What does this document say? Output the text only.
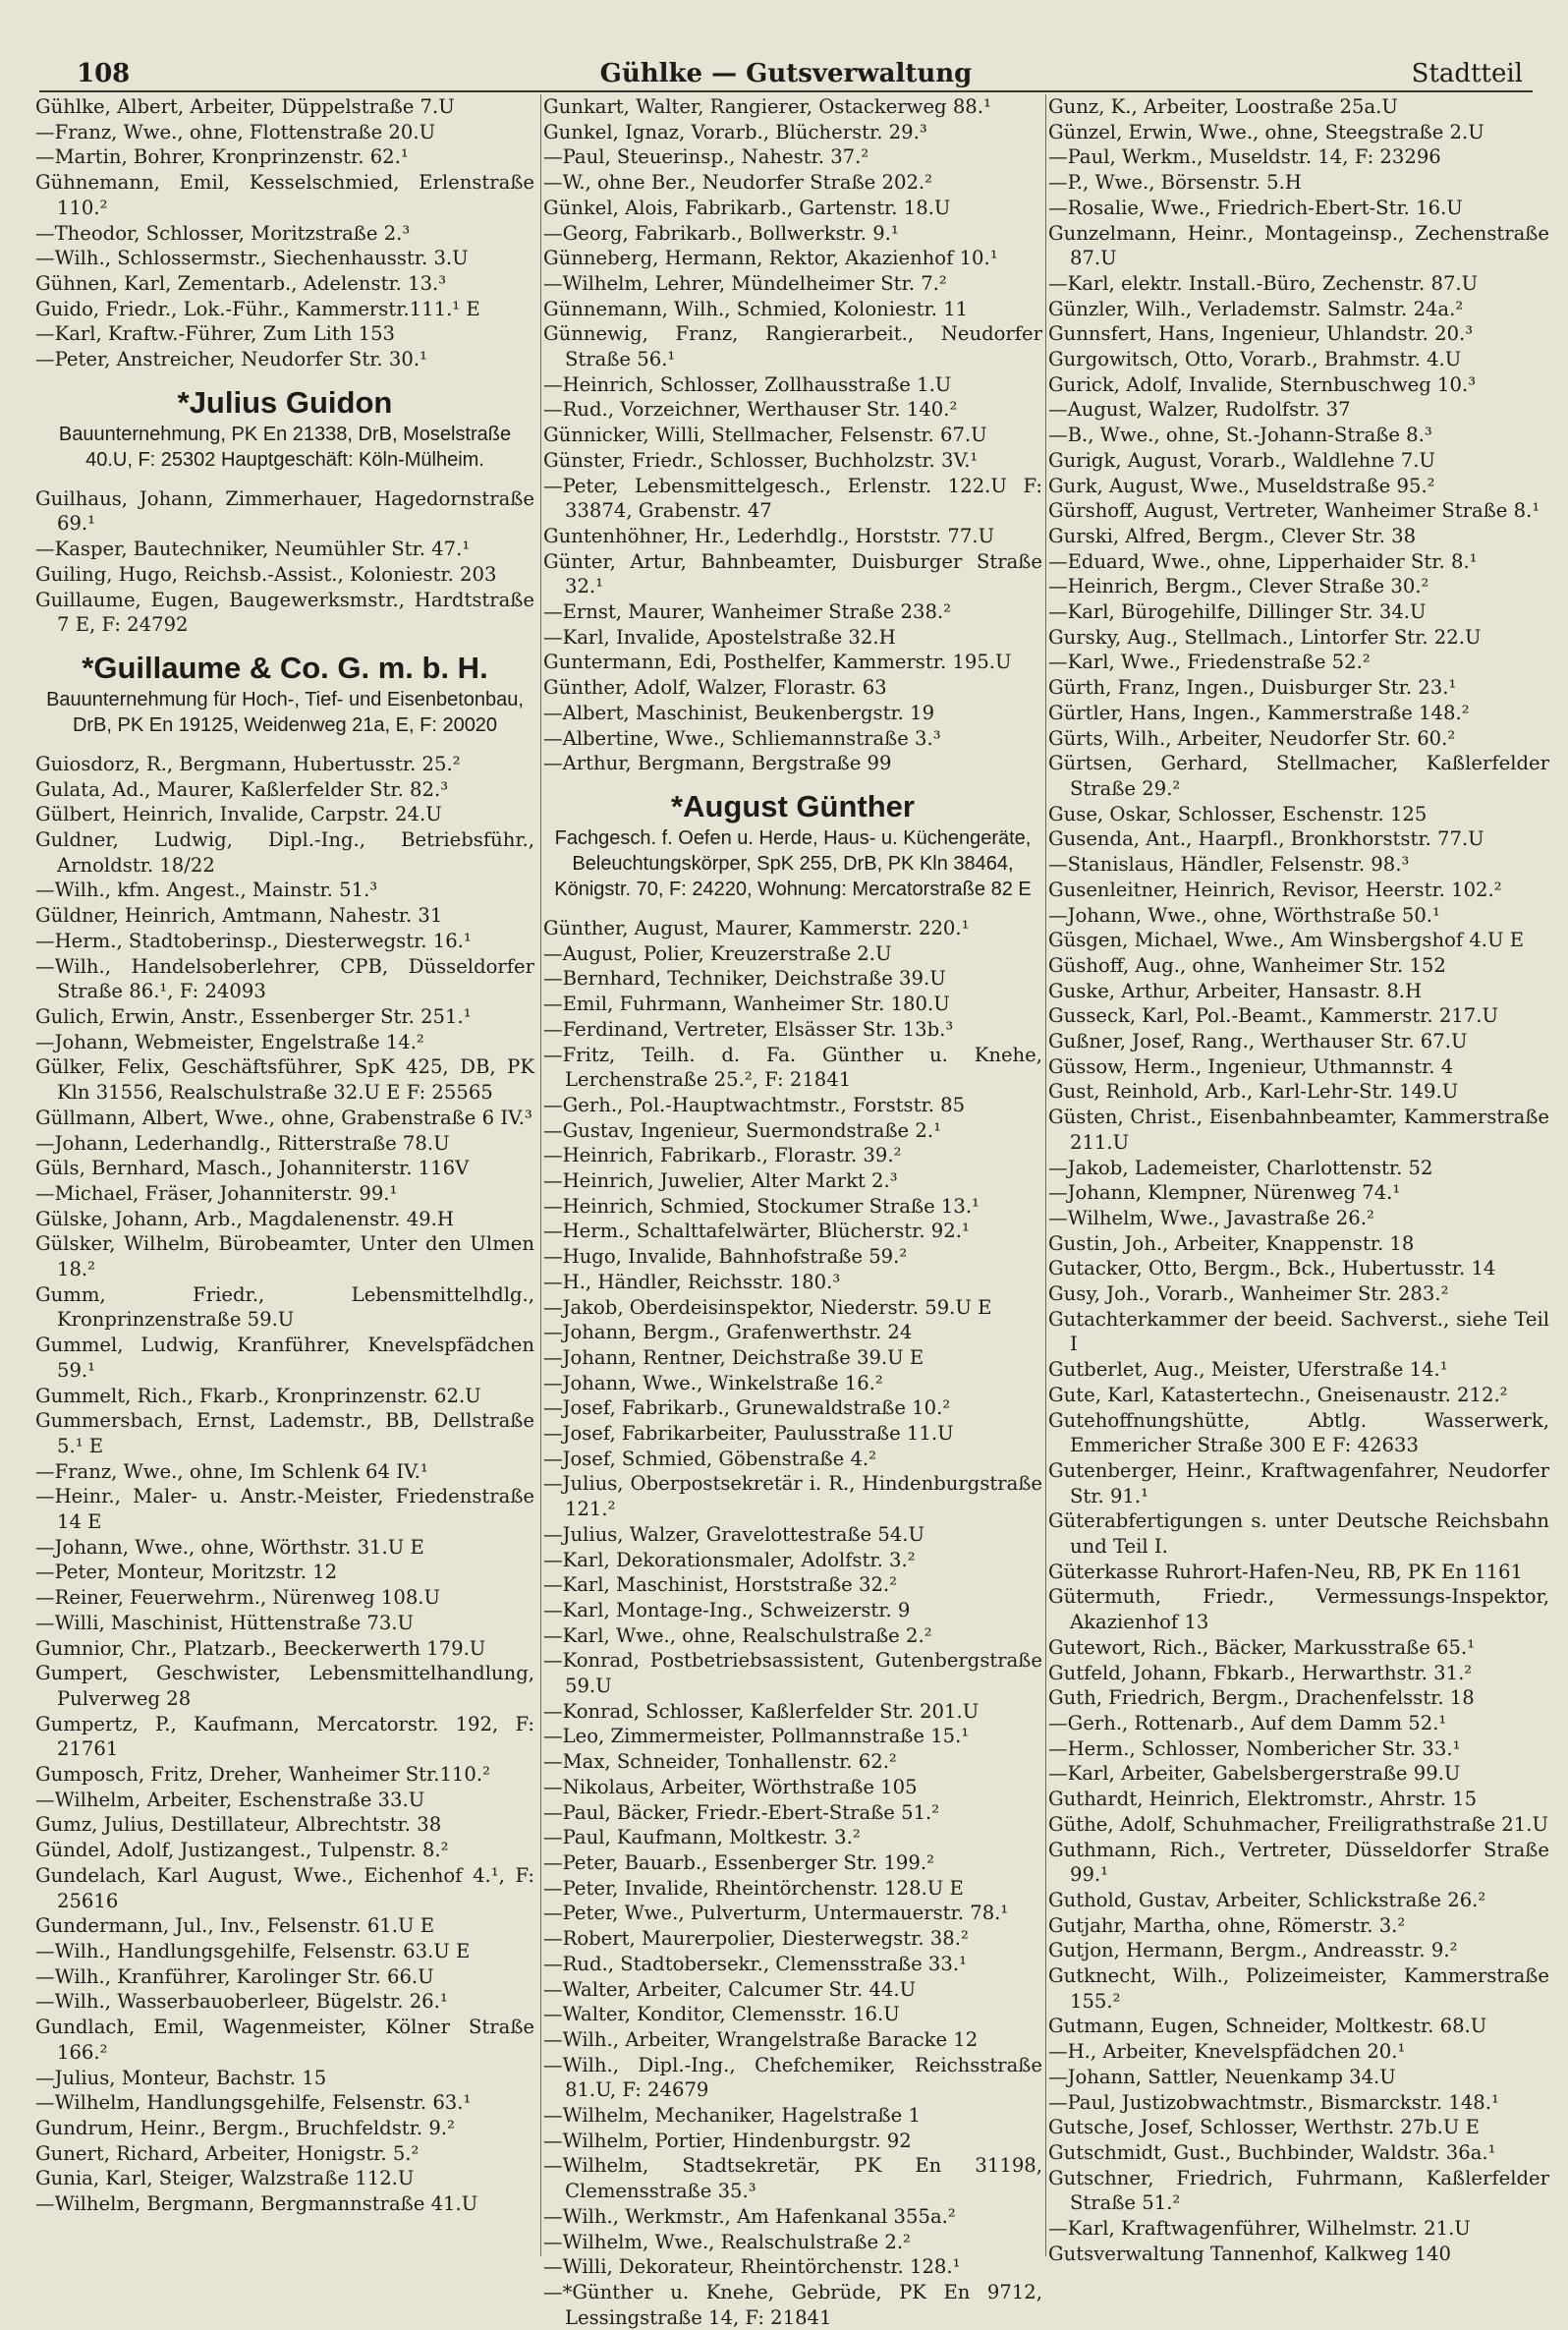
108	Gühlke — Gutsverwaltung	Stadtteil
Gühlke, Albert, Arbeiter, Düppelstraße 7.U
—Franz, Wwe., ohne, Flottenstraße 20.U
—Martin, Bohrer, Kronprinzenstr. 62.¹
Gühnemann, Emil, Kesselschmied, Erlenstraße 110.²
—Theodor, Schlosser, Moritzstraße 2.³
—Wilh., Schlossermstr., Siechenhausstr. 3.U
Gühnen, Karl, Zementarb., Adelenstr. 13.³
Guido, Friedr., Lok.-Führ., Kammerstr.111.¹ E
—Karl, Kraftw.-Führer, Zum Lith 153
—Peter, Anstreicher, Neudorfer Str. 30.¹
*Julius Guidon
Bauunternehmung, PK En 21338, DrB, Moselstraße 40.U, F: 25302 Hauptgeschäft: Köln-Mülheim.
Guilhaus, Johann, Zimmerhauer, Hagedornstraße 69.¹
—Kasper, Bautechniker, Neumühler Str. 47.¹
Guiling, Hugo, Reichsb.-Assist., Koloniestr. 203
Guillaume, Eugen, Baugewerksmstr., Hardtstraße 7 E, F: 24792
*Guillaume & Co. G. m. b. H.
Bauunternehmung für Hoch-, Tief- und Eisenbetonbau, DrB, PK En 19125, Weidenweg 21a, E, F: 20020
Guiosdorz, R., Bergmann, Hubertusstr. 25.²
Gulata, Ad., Maurer, Kaßlerfelder Str. 82.³
Gülbert, Heinrich, Invalide, Carpstr. 24.U
Guldner, Ludwig, Dipl.-Ing., Betriebsführ., Arnoldstr. 18/22
—Wilh., kfm. Angest., Mainstr. 51.³
Güldner, Heinrich, Amtmann, Nahestr. 31
—Herm., Stadtoberinsp., Diesterwegstr. 16.¹
—Wilh., Handelsoberlehrer, CPB, Düsseldorfer Straße 86.¹, F: 24093
Gulich, Erwin, Anstr., Essenberger Str. 251.¹
—Johann, Webmeister, Engelstraße 14.²
Gülker, Felix, Geschäftsführer, SpK 425, DB, PK Kln 31556, Realschulstraße 32.U E F: 25565
Güllmann, Albert, Wwe., ohne, Grabenstraße 6 IV.³
—Johann, Lederhandlg., Ritterstraße 78.U
Güls, Bernhard, Masch., Johanniterstr. 116V
—Michael, Fräser, Johanniterstr. 99.¹
Gülske, Johann, Arb., Magdalenenstr. 49.H
Gülsker, Wilhelm, Bürobeamter, Unter den Ulmen 18.²
Gumm, Friedr., Lebensmittelhdlg., Kronprinzenstraße 59.U
Gummel, Ludwig, Kranführer, Knevelspfädchen 59.¹
Gummelt, Rich., Fkarb., Kronprinzenstr. 62.U
Gummersbach, Ernst, Lademstr., BB, Dellstraße 5.¹ E
—Franz, Wwe., ohne, Im Schlenk 64 IV.¹
—Heinr., Maler- u. Anstr.-Meister, Friedenstraße 14 E
—Johann, Wwe., ohne, Wörthstr. 31.U E
—Peter, Monteur, Moritzstr. 12
—Reiner, Feuerwehrm., Nürenweg 108.U
—Willi, Maschinist, Hüttenstraße 73.U
Gumnior, Chr., Platzarb., Beeckerwerth 179.U
Gumpert, Geschwister, Lebensmittelhandlung, Pulverweg 28
Gumpertz, P., Kaufmann, Mercatorstr. 192, F: 21761
Gumposch, Fritz, Dreher, Wanheimer Str.110.²
—Wilhelm, Arbeiter, Eschenstraße 33.U
Gumz, Julius, Destillateur, Albrechtstr. 38
Gündel, Adolf, Justizangest., Tulpenstr. 8.²
Gundelach, Karl August, Wwe., Eichenhof 4.¹, F: 25616
Gundermann, Jul., Inv., Felsenstr. 61.U E
—Wilh., Handlungsgehilfe, Felsenstr. 63.U E
—Wilh., Kranführer, Karolinger Str. 66.U
—Wilh., Wasserbauoberleer, Bügelstr. 26.¹
Gundlach, Emil, Wagenmeister, Kölner Straße 166.²
—Julius, Monteur, Bachstr. 15
—Wilhelm, Handlungsgehilfe, Felsenstr. 63.¹
Gundrum, Heinr., Bergm., Bruchfeldstr. 9.²
Gunert, Richard, Arbeiter, Honigstr. 5.²
Gunia, Karl, Steiger, Walzstraße 112.U
—Wilhelm, Bergmann, Bergmannstraße 41.U
Gunkart, Walter, Rangierer, Ostackerweg 88.¹
Gunkel, Ignaz, Vorarb., Blücherstr. 29.³
—Paul, Steuerinsp., Nahestr. 37.²
—W., ohne Ber., Neudorfer Straße 202.²
Günkel, Alois, Fabrikarb., Gartenstr. 18.U
—Georg, Fabrikarb., Bollwerkstr. 9.¹
Günneberg, Hermann, Rektor, Akazienhof 10.¹
—Wilhelm, Lehrer, Mündelheimer Str. 7.²
Günnemann, Wilh., Schmied, Koloniestr. 11
Günnewig, Franz, Rangierarbeit., Neudorfer Straße 56.¹
—Heinrich, Schlosser, Zollhausstraße 1.U
—Rud., Vorzeichner, Werthauser Str. 140.²
Günnicker, Willi, Stellmacher, Felsenstr. 67.U
Günster, Friedr., Schlosser, Buchholzstr. 3V.¹
—Peter, Lebensmittelgesch., Erlenstr. 122.U F: 33874, Grabenstr. 47
Guntenhöhner, Hr., Lederhdlg., Horststr. 77.U
Günter, Artur, Bahnbeamter, Duisburger Straße 32.¹
—Ernst, Maurer, Wanheimer Straße 238.²
—Karl, Invalide, Apostelstraße 32.H
Guntermann, Edi, Posthelfer, Kammerstr. 195.U
Günther, Adolf, Walzer, Florastr. 63
—Albert, Maschinist, Beukenbergstr. 19
—Albertine, Wwe., Schliemannstraße 3.³
—Arthur, Bergmann, Bergstraße 99
*August Günther
Fachgesch. f. Oefen u. Herde, Haus- u. Küchengeräte, Beleuchtungskörper, SpK 255, DrB, PK Kln 38464, Königstr. 70, F: 24220, Wohnung: Mercatorstraße 82 E
Günther, August, Maurer, Kammerstr. 220.¹
—August, Polier, Kreuzerstraße 2.U
—Bernhard, Techniker, Deichstraße 39.U
—Emil, Fuhrmann, Wanheimer Str. 180.U
—Ferdinand, Vertreter, Elsässer Str. 13b.³
—Fritz, Teilh. d. Fa. Günther u. Knehe, Lerchenstraße 25.², F: 21841
—Gerh., Pol.-Hauptwachtmstr., Forststr. 85
—Gustav, Ingenieur, Suermondstraße 2.¹
—Heinrich, Fabrikarb., Florastr. 39.²
—Heinrich, Juwelier, Alter Markt 2.³
—Heinrich, Schmied, Stockumer Straße 13.¹
—Herm., Schalttafelwärter, Blücherstr. 92.¹
—Hugo, Invalide, Bahnhofstraße 59.²
—H., Händler, Reichsstr. 180.³
—Jakob, Oberdeisinspektor, Niederstr. 59.U E
—Johann, Bergm., Grafenwerthstr. 24
—Johann, Rentner, Deichstraße 39.U E
—Johann, Wwe., Winkelstraße 16.²
—Josef, Fabrikarb., Grunewaldstraße 10.²
—Josef, Fabrikarbeiter, Paulusstraße 11.U
—Josef, Schmied, Göbenstraße 4.²
—Julius, Oberpostsekretär i. R., Hindenburgstraße 121.²
—Julius, Walzer, Gravelottestraße 54.U
—Karl, Dekorationsmaler, Adolfstr. 3.²
—Karl, Maschinist, Horststraße 32.²
—Karl, Montage-Ing., Schweizerstr. 9
—Karl, Wwe., ohne, Realschulstraße 2.²
—Konrad, Postbetriebsassistent, Gutenbergstraße 59.U
—Konrad, Schlosser, Kaßlerfelder Str. 201.U
—Leo, Zimmermeister, Pollmannstraße 15.¹
—Max, Schneider, Tonhallenstr. 62.²
—Nikolaus, Arbeiter, Wörthstraße 105
—Paul, Bäcker, Friedr.-Ebert-Straße 51.²
—Paul, Kaufmann, Moltkestr. 3.²
—Peter, Bauarb., Essenberger Str. 199.²
—Peter, Invalide, Rheintörchenstr. 128.U E
—Peter, Wwe., Pulverturm, Untermauerstr. 78.¹
—Robert, Maurerpolier, Diesterwegstr. 38.²
—Rud., Stadtobersekr., Clemensstraße 33.¹
—Walter, Arbeiter, Calcumer Str. 44.U
—Walter, Konditor, Clemensstr. 16.U
—Wilh., Arbeiter, Wrangelstraße Baracke 12
—Wilh., Dipl.-Ing., Chefchemiker, Reichsstraße 81.U, F: 24679
—Wilhelm, Mechaniker, Hagelstraße 1
—Wilhelm, Portier, Hindenburgstr. 92
—Wilhelm, Stadtsekretär, PK En 31198, Clemensstraße 35.³
—Wilh., Werkmstr., Am Hafenkanal 355a.²
—Wilhelm, Wwe., Realschulstraße 2.²
—Willi, Dekorateur, Rheintörchenstr. 128.¹
—*Günther u. Knehe, Gebrüde, PK En 9712, Lessingstraße 14, F: 21841
Gunz, K., Arbeiter, Loostraße 25a.U
Günzel, Erwin, Wwe., ohne, Steegstraße 2.U
—Paul, Werkm., Museldstr. 14, F: 23296
—P., Wwe., Börsenstr. 5.H
—Rosalie, Wwe., Friedrich-Ebert-Str. 16.U
Gunzelmann, Heinr., Montageinsp., Zechenstraße 87.U
—Karl, elektr. Install.-Büro, Zechenstr. 87.U
Günzler, Wilh., Verlademstr. Salmstr. 24a.²
Gunnsfert, Hans, Ingenieur, Uhlandstr. 20.³
Gurgowitsch, Otto, Vorarb., Brahmstr. 4.U
Gurick, Adolf, Invalide, Sternbuschweg 10.³
—August, Walzer, Rudolfstr. 37
—B., Wwe., ohne, St.-Johann-Straße 8.³
Gurigk, August, Vorarb., Waldlehne 7.U
Gurk, August, Wwe., Museldstraße 95.²
Gürshoff, August, Vertreter, Wanheimer Straße 8.¹
Gurski, Alfred, Bergm., Clever Str. 38
—Eduard, Wwe., ohne, Lipperhaider Str. 8.¹
—Heinrich, Bergm., Clever Straße 30.²
—Karl, Bürogehilfe, Dillinger Str. 34.U
Gursky, Aug., Stellmach., Lintorfer Str. 22.U
—Karl, Wwe., Friedenstraße 52.²
Gürth, Franz, Ingen., Duisburger Str. 23.¹
Gürtler, Hans, Ingen., Kammerstraße 148.²
Gürts, Wilh., Arbeiter, Neudorfer Str. 60.²
Gürtsen, Gerhard, Stellmacher, Kaßlerfelder Straße 29.²
Guse, Oskar, Schlosser, Eschenstr. 125
Gusenda, Ant., Haarpfl., Bronkhorststr. 77.U
—Stanislaus, Händler, Felsenstr. 98.³
Gusenleitner, Heinrich, Revisor, Heerstr. 102.²
—Johann, Wwe., ohne, Wörthstraße 50.¹
Güsgen, Michael, Wwe., Am Winsbergshof 4.U E
Güshoff, Aug., ohne, Wanheimer Str. 152
Guske, Arthur, Arbeiter, Hansastr. 8.H
Gusseck, Karl, Pol.-Beamt., Kammerstr. 217.U
Gußner, Josef, Rang., Werthauser Str. 67.U
Güssow, Herm., Ingenieur, Uthmannstr. 4
Gust, Reinhold, Arb., Karl-Lehr-Str. 149.U
Güsten, Christ., Eisenbahnbeamter, Kammerstraße 211.U
—Jakob, Lademeister, Charlottenstr. 52
—Johann, Klempner, Nürenweg 74.¹
—Wilhelm, Wwe., Javastraße 26.²
Gustin, Joh., Arbeiter, Knappenstr. 18
Gutacker, Otto, Bergm., Bck., Hubertusstr. 14
Gusy, Joh., Vorarb., Wanheimer Str. 283.²
Gutachterkammer der beeid. Sachverst., siehe Teil I
Gutberlet, Aug., Meister, Uferstraße 14.¹
Gute, Karl, Katastertechn., Gneisenaustr. 212.²
Gutehoffnungshütte, Abtlg. Wasserwerk, Emmericher Straße 300 E F: 42633
Gutenberger, Heinr., Kraftwagenfahrer, Neudorfer Str. 91.¹
Güterabfertigungen s. unter Deutsche Reichsbahn und Teil I.
Güterkasse Ruhrort-Hafen-Neu, RB, PK En 1161
Gütermuth, Friedr., Vermessungs-Inspektor, Akazienhof 13
Gutewort, Rich., Bäcker, Markusstraße 65.¹
Gutfeld, Johann, Fbkarb., Herwarthstr. 31.²
Guth, Friedrich, Bergm., Drachenfelsstr. 18
—Gerh., Rottenarb., Auf dem Damm 52.¹
—Herm., Schlosser, Nombericher Str. 33.¹
—Karl, Arbeiter, Gabelsbergerstraße 99.U
Guthardt, Heinrich, Elektromstr., Ahrstr. 15
Güthe, Adolf, Schuhmacher, Freiligrathstraße 21.U
Guthmann, Rich., Vertreter, Düsseldorfer Straße 99.¹
Guthold, Gustav, Arbeiter, Schlickstraße 26.²
Gutjahr, Martha, ohne, Römerstr. 3.²
Gutjon, Hermann, Bergm., Andreasstr. 9.²
Gutknecht, Wilh., Polizeimeister, Kammerstraße 155.²
Gutmann, Eugen, Schneider, Moltkestr. 68.U
—H., Arbeiter, Knevelspfädchen 20.¹
—Johann, Sattler, Neuenkamp 34.U
—Paul, Justizobwachtmstr., Bismarckstr. 148.¹
Gutsche, Josef, Schlosser, Werthstr. 27b.U E
Gutschmidt, Gust., Buchbinder, Waldstr. 36a.¹
Gutschner, Friedrich, Fuhrmann, Kaßlerfelder Straße 51.²
—Karl, Kraftwagenführer, Wilhelmstr. 21.U
Gutsverwaltung Tannenhof, Kalkweg 140
